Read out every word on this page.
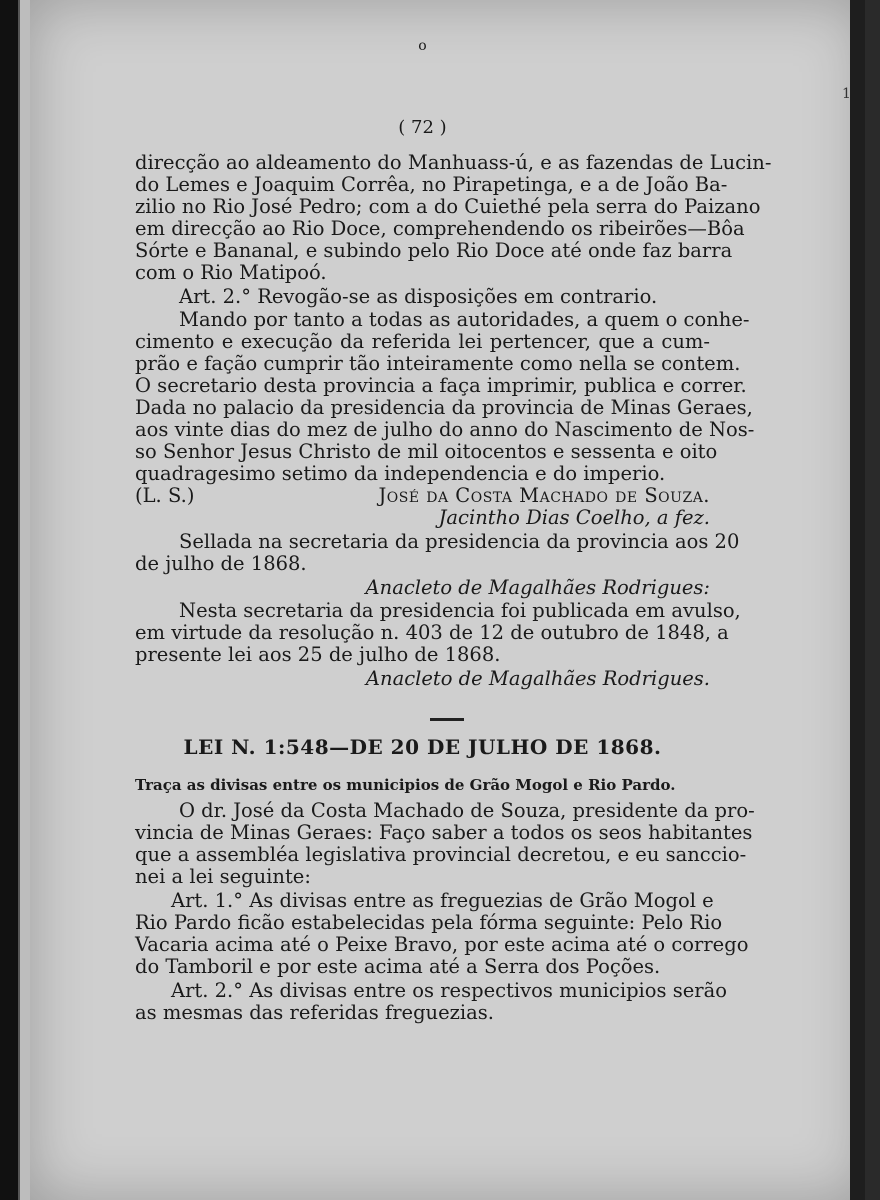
1
o
( 72 )
direcção ao aldeamento do Manhuass-ú, e as fazendas de Lucin-
do Lemes e Joaquim Corrêa, no Pirapetinga, e a de João Ba-
zilio no Rio José Pedro; com a do Cuiethé pela serra do Paizano
em direcção ao Rio Doce, comprehendendo os ribeirões—Bôa
Sórte e Bananal, e subindo pelo Rio Doce até onde faz barra
com o Rio Matipoó.
Art. 2.° Revogão-se as disposições em contrario.
Mando por tanto a todas as autoridades, a quem o conhe-
cimento e execução da referida lei pertencer, que a cum-
prão e fação cumprir tão inteiramente como nella se contem.
O secretario desta provincia a faça imprimir, publica e correr.
Dada no palacio da presidencia da provincia de Minas Geraes,
aos vinte dias do mez de julho do anno do Nascimento de Nos-
so Senhor Jesus Christo de mil oitocentos e sessenta e oito
quadragesimo setimo da independencia e do imperio.
(L. S.)	José da Costa Machado de Souza.
Jacintho Dias Coelho, a fez.
Sellada na secretaria da presidencia da provincia aos 20
de julho de 1868.
Anacleto de Magalhães Rodrigues:
Nesta secretaria da presidencia foi publicada em avulso,
em virtude da resolução n. 403 de 12 de outubro de 1848, a
presente lei aos 25 de julho de 1868.
Anacleto de Magalhães Rodrigues.
LEI N. 1:548—DE 20 DE JULHO DE 1868.
Traça as divisas entre os municipios de Grão Mogol e Rio Pardo.
O dr. José da Costa Machado de Souza, presidente da pro-
vincia de Minas Geraes: Faço saber a todos os seos habitantes
que a assembléa legislativa provincial decretou, e eu sanccio-
nei a lei seguinte:
Art. 1.° As divisas entre as freguezias de Grão Mogol e
Rio Pardo ficão estabelecidas pela fórma seguinte: Pelo Rio
Vacaria acima até o Peixe Bravo, por este acima até o corrego
do Tamboril e por este acima até a Serra dos Poções.
Art. 2.° As divisas entre os respectivos municipios serão
as mesmas das referidas freguezias.
